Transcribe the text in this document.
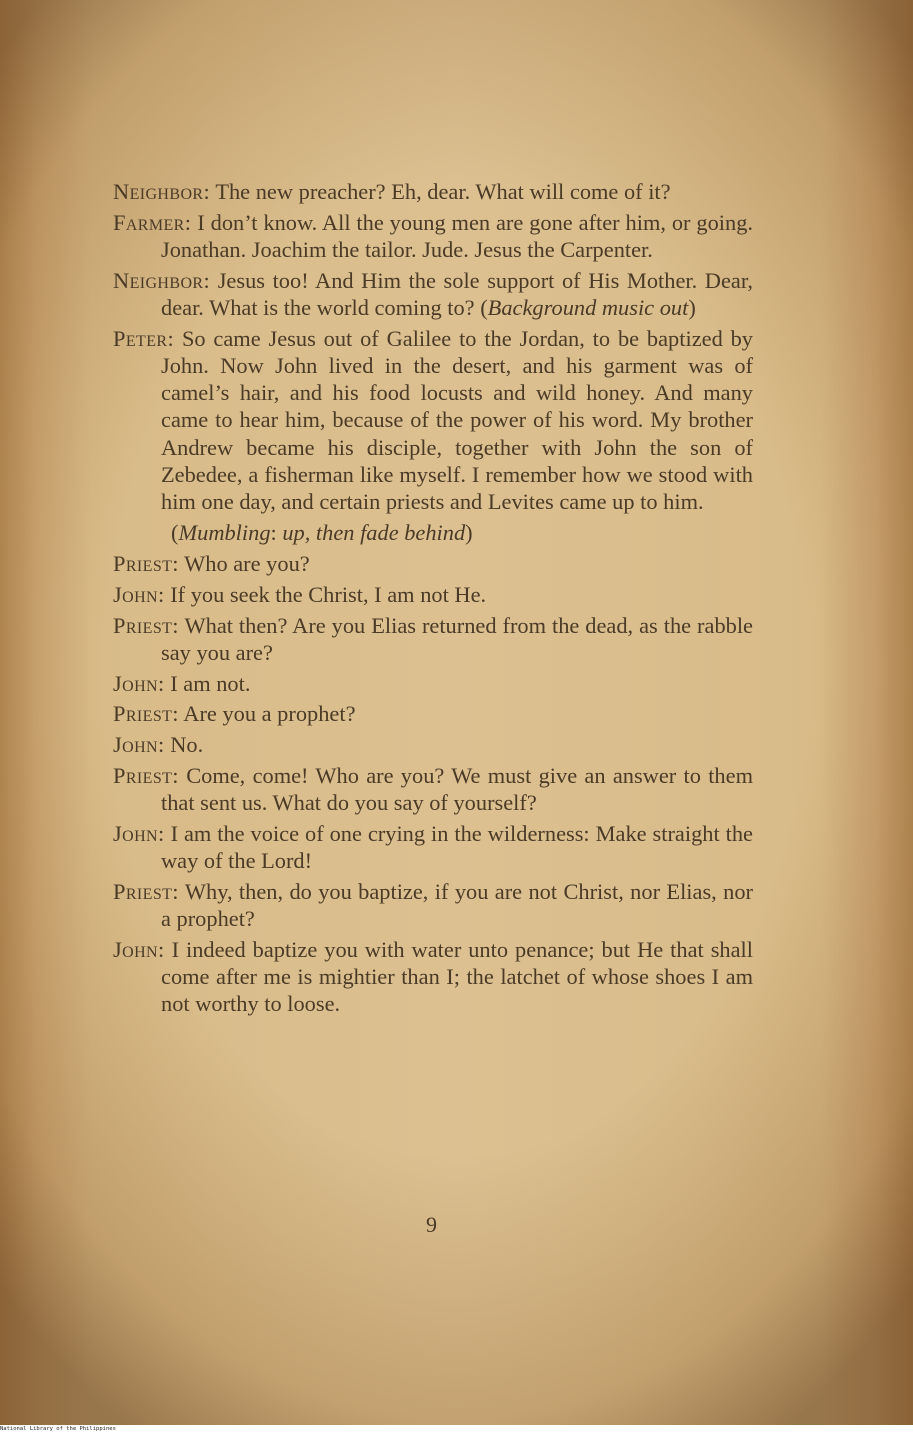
Neighbor: The new preacher? Eh, dear. What will come of it?

Farmer: I don’t know. All the young men are gone after him, or going. Jonathan. Joachim the tailor. Jude. Jesus the Carpenter.

Neighbor: Jesus too! And Him the sole support of His Mother. Dear, dear. What is the world coming to? (Background music out)

Peter: So came Jesus out of Galilee to the Jordan, to be baptized by John. Now John lived in the desert, and his garment was of camel’s hair, and his food locusts and wild honey. And many came to hear him, because of the power of his word. My brother Andrew became his disciple, together with John the son of Zebedee, a fisherman like myself. I remember how we stood with him one day, and certain priests and Levites came up to him.

(Mumbling: up, then fade behind)

Priest: Who are you?

John: If you seek the Christ, I am not He.

Priest: What then? Are you Elias returned from the dead, as the rabble say you are?

John: I am not.

Priest: Are you a prophet?

John: No.

Priest: Come, come! Who are you? We must give an answer to them that sent us. What do you say of yourself?

John: I am the voice of one crying in the wilderness: Make straight the way of the Lord!

Priest: Why, then, do you baptize, if you are not Christ, nor Elias, nor a prophet?

John: I indeed baptize you with water unto penance; but He that shall come after me is mightier than I; the latchet of whose shoes I am not worthy to loose.

9
National Library of the Philippines
